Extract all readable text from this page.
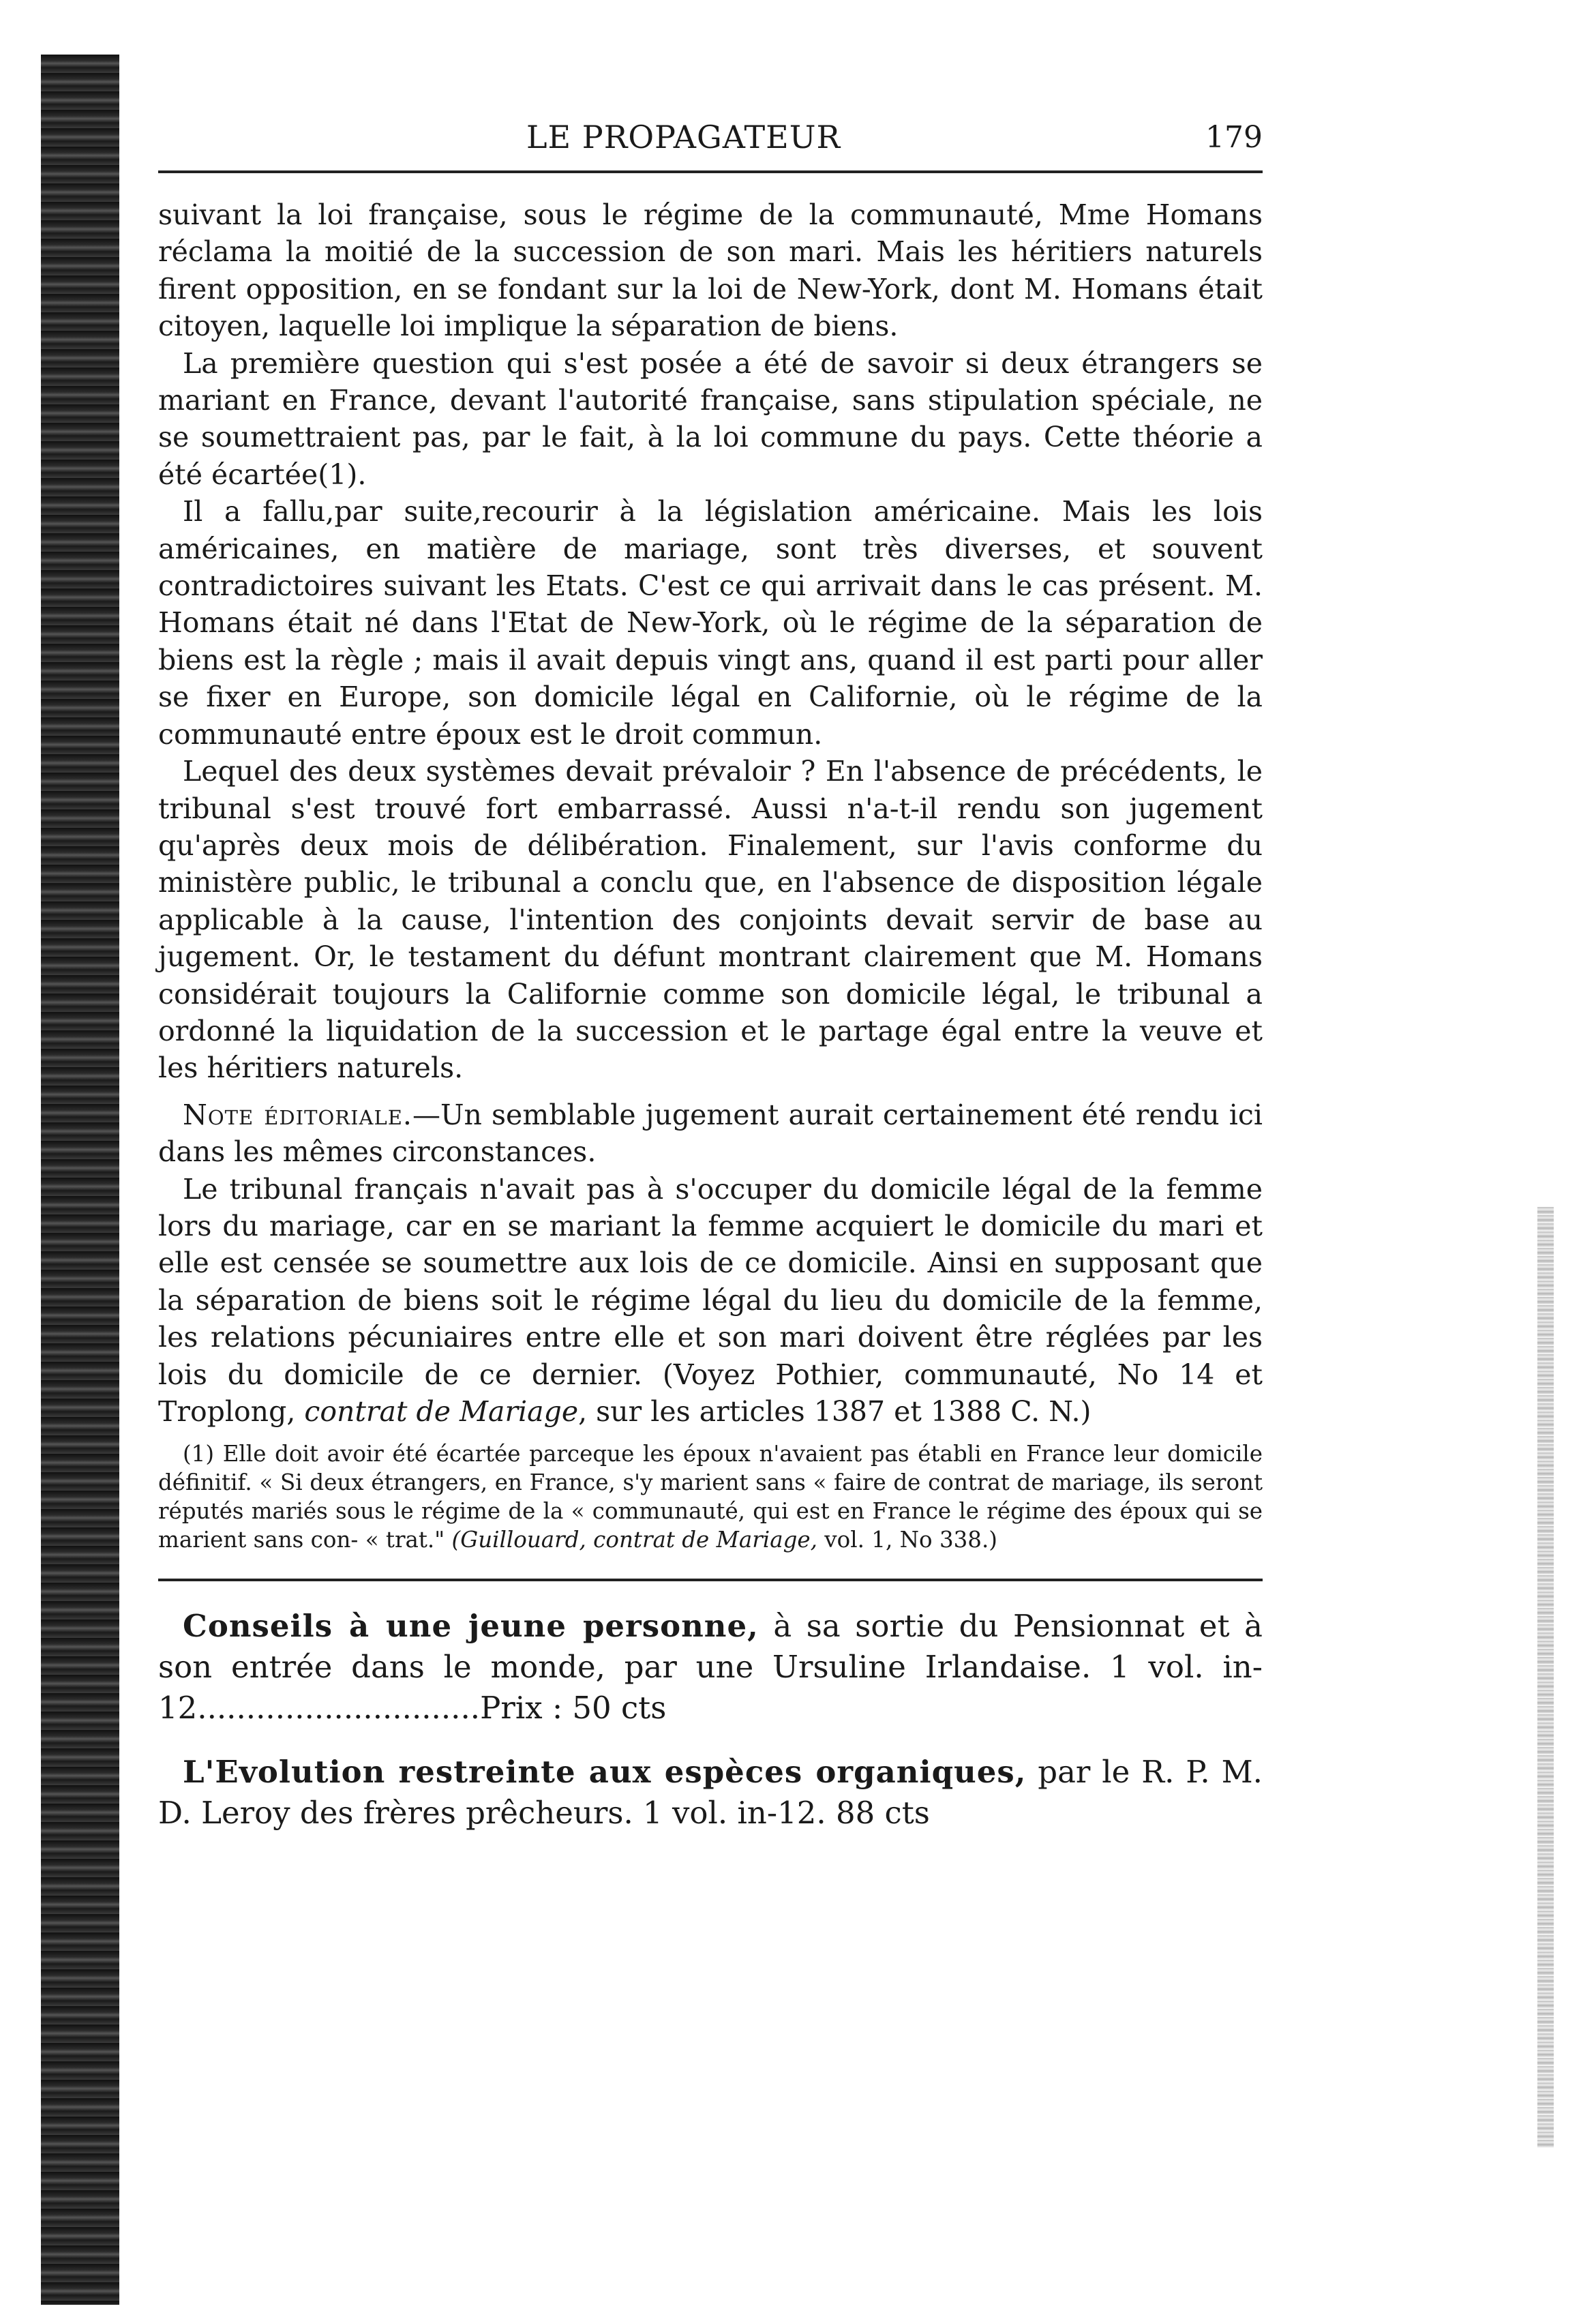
LE PROPAGATEUR	179

suivant la loi française, sous le régime de la communauté, Mme Homans réclama la moitié de la succession de son mari. Mais les héritiers naturels firent opposition, en se fondant sur la loi de New-York, dont M. Homans était citoyen, laquelle loi implique la séparation de biens.

La première question qui s'est posée a été de savoir si deux étrangers se mariant en France, devant l'autorité française, sans stipulation spéciale, ne se soumettraient pas, par le fait, à la loi commune du pays. Cette théorie a été écartée(1).

Il a fallu,par suite,recourir à la législation américaine. Mais les lois américaines, en matière de mariage, sont très diverses, et souvent contradictoires suivant les Etats. C'est ce qui arrivait dans le cas présent. M. Homans était né dans l'Etat de New-York, où le régime de la séparation de biens est la règle ; mais il avait depuis vingt ans, quand il est parti pour aller se fixer en Europe, son domicile légal en Californie, où le régime de la communauté entre époux est le droit commun.

Lequel des deux systèmes devait prévaloir ? En l'absence de précédents, le tribunal s'est trouvé fort embarrassé. Aussi n'a-t-il rendu son jugement qu'après deux mois de délibération. Finalement, sur l'avis conforme du ministère public, le tribunal a conclu que, en l'absence de disposition légale applicable à la cause, l'intention des conjoints devait servir de base au jugement. Or, le testament du défunt montrant clairement que M. Homans considérait toujours la Californie comme son domicile légal, le tribunal a ordonné la liquidation de la succession et le partage égal entre la veuve et les héritiers naturels.

Note éditoriale.—Un semblable jugement aurait certainement été rendu ici dans les mêmes circonstances.

Le tribunal français n'avait pas à s'occuper du domicile légal de la femme lors du mariage, car en se mariant la femme acquiert le domicile du mari et elle est censée se soumettre aux lois de ce domicile. Ainsi en supposant que la séparation de biens soit le régime légal du lieu du domicile de la femme, les relations pécuniaires entre elle et son mari doivent être réglées par les lois du domicile de ce dernier. (Voyez Pothier, communauté, No 14 et Troplong, contrat de Mariage, sur les articles 1387 et 1388 C. N.)

(1) Elle doit avoir été écartée parceque les époux n'avaient pas établi en France leur domicile définitif. « Si deux étrangers, en France, s'y marient sans « faire de contrat de mariage, ils seront réputés mariés sous le régime de la « communauté, qui est en France le régime des époux qui se marient sans con- « trat." (Guillouard, contrat de Mariage, vol. 1, No 338.)

Conseils à une jeune personne, à sa sortie du Pensionnat et à son entrée dans le monde, par une Ursuline Irlandaise. 1 vol. in-12.............................Prix : 50 cts

L'Evolution restreinte aux espèces organiques, par le R. P. M. D. Leroy des frères prêcheurs. 1 vol. in-12. 88 cts
